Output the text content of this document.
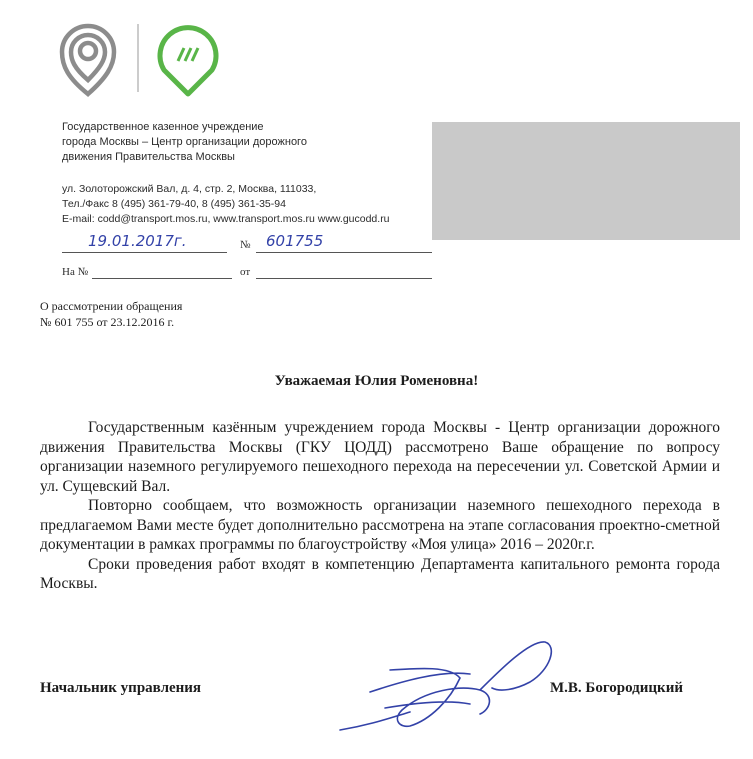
Государственное казенное учреждение
города Москвы – Центр организации дорожного
движения Правительства Москвы
ул. Золоторожский Вал, д. 4, стр. 2, Москва, 111033,
Тел./Факс 8 (495) 361-79-40, 8 (495) 361-35-94
E-mail: codd@transport.mos.ru, www.transport.mos.ru www.gucodd.ru
19.01.2017г.	№ 601755
На №	от
О рассмотрении обращения
№ 601 755 от 23.12.2016 г.
Уважаемая Юлия Роменовна!

Государственным казённым учреждением города Москвы - Центр организации дорожного движения Правительства Москвы (ГКУ ЦОДД) рассмотрено Ваше обращение по вопросу организации наземного регулируемого пешеходного перехода на пересечении ул. Советской Армии и ул. Сущевский Вал.

Повторно сообщаем, что возможность организации наземного пешеходного перехода в предлагаемом Вами месте будет дополнительно рассмотрена на этапе согласования проектно-сметной документации в рамках программы по благоустройству «Моя улица» 2016 – 2020г.г.

Сроки проведения работ входят в компетенцию Департамента капитального ремонта города Москвы.

Начальник управления	М.В. Богородицкий
